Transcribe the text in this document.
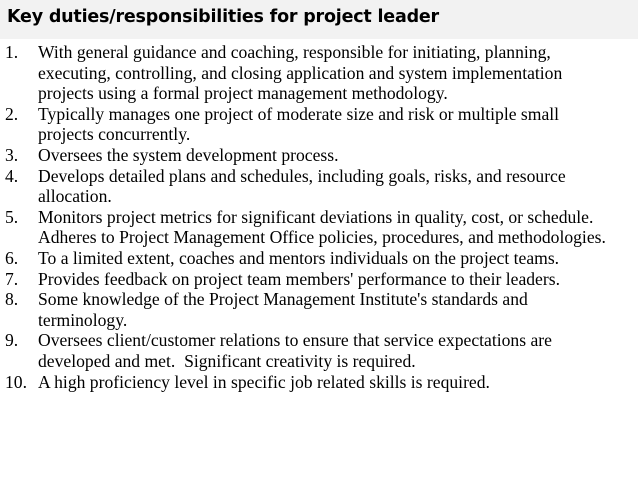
Key duties/responsibilities for project leader
1.	With general guidance and coaching, responsible for initiating, planning, executing, controlling, and closing application and system implementation projects using a formal project management methodology.
2.	Typically manages one project of moderate size and risk or multiple small projects concurrently.
3.	Oversees the system development process.
4.	Develops detailed plans and schedules, including goals, risks, and resource allocation.
5.	Monitors project metrics for significant deviations in quality, cost, or schedule.  Adheres to Project Management Office policies, procedures, and methodologies.
6.	To a limited extent, coaches and mentors individuals on the project teams.
7.	Provides feedback on project team members' performance to their leaders.
8.	Some knowledge of the Project Management Institute's standards and terminology.
9.	Oversees client/customer relations to ensure that service expectations are developed and met.  Significant creativity is required.
10. A high proficiency level in specific job related skills is required.
